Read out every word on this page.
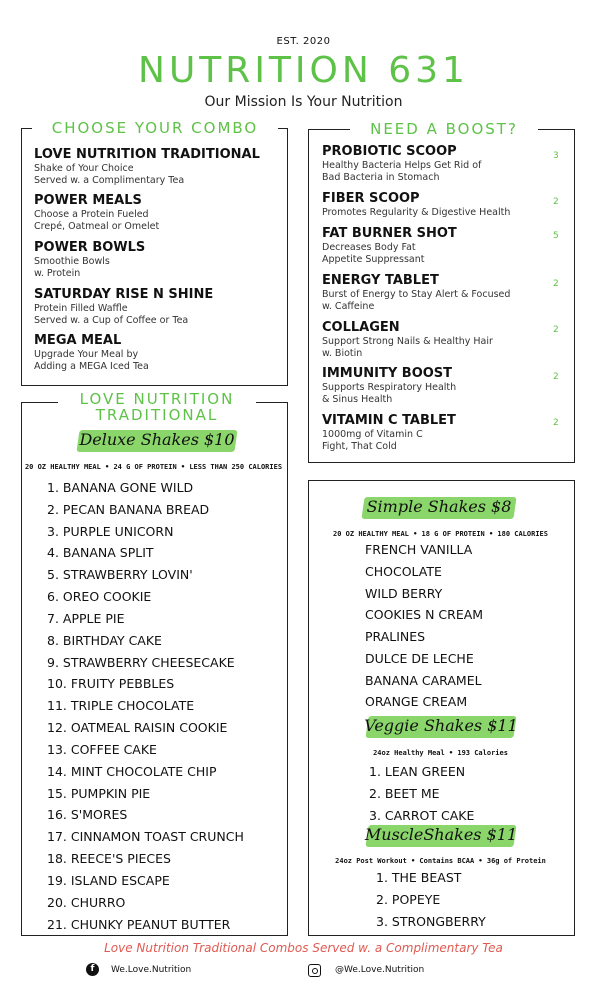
EST. 2020
NUTRITION 631
Our Mission Is Your Nutrition
CHOOSE YOUR COMBO
LOVE NUTRITION TRADITIONAL
Shake of Your Choice
Served w. a Complimentary Tea
POWER MEALS
Choose a Protein Fueled
Crepé, Oatmeal or Omelet
POWER BOWLS
Smoothie Bowls
w. Protein
SATURDAY RISE N SHINE
Protein Filled Waffle
Served w. a Cup of Coffee or Tea
MEGA MEAL
Upgrade Your Meal by
Adding a MEGA Iced Tea
NEED A BOOST?
PROBIOTIC SCOOP
Healthy Bacteria Helps Get Rid of
Bad Bacteria in Stomach
3
FIBER SCOOP
Promotes Regularity & Digestive Health
2
FAT BURNER SHOT
Decreases Body Fat
Appetite Suppressant
5
ENERGY TABLET
Burst of Energy to Stay Alert & Focused
w. Caffeine
2
COLLAGEN
Support Strong Nails & Healthy Hair
w. Biotin
2
IMMUNITY BOOST
Supports Respiratory Health
& Sinus Health
2
VITAMIN C TABLET
1000mg of Vitamin C
Fight, That Cold
2
LOVE NUTRITION
TRADITIONAL
Deluxe Shakes $10
20 OZ HEALTHY MEAL • 24 G OF PROTEIN • LESS THAN 250 CALORIES
1. BANANA GONE WILD
2. PECAN BANANA BREAD
3. PURPLE UNICORN
4. BANANA SPLIT
5. STRAWBERRY LOVIN'
6. OREO COOKIE
7. APPLE PIE
8. BIRTHDAY CAKE
9. STRAWBERRY CHEESECAKE
10. FRUITY PEBBLES
11. TRIPLE CHOCOLATE
12. OATMEAL RAISIN COOKIE
13. COFFEE CAKE
14. MINT CHOCOLATE CHIP
15. PUMPKIN PIE
16. S'MORES
17. CINNAMON TOAST CRUNCH
18. REECE'S PIECES
19. ISLAND ESCAPE
20. CHURRO
21. CHUNKY PEANUT BUTTER
Simple Shakes $8
20 OZ HEALTHY MEAL • 18 G OF PROTEIN • 180 CALORIES
FRENCH VANILLA
CHOCOLATE
WILD BERRY
COOKIES N CREAM
PRALINES
DULCE DE LECHE
BANANA CARAMEL
ORANGE CREAM
Veggie Shakes $11
24oz Healthy Meal • 193 Calories
1. LEAN GREEN
2. BEET ME
3. CARROT CAKE
MuscleShakes $11
24oz Post Workout • Contains BCAA • 36g of Protein
1. THE BEAST
2. POPEYE
3. STRONGBERRY
Love Nutrition Traditional Combos Served w. a Complimentary Tea
f	We.Love.Nutrition	@We.Love.Nutrition
